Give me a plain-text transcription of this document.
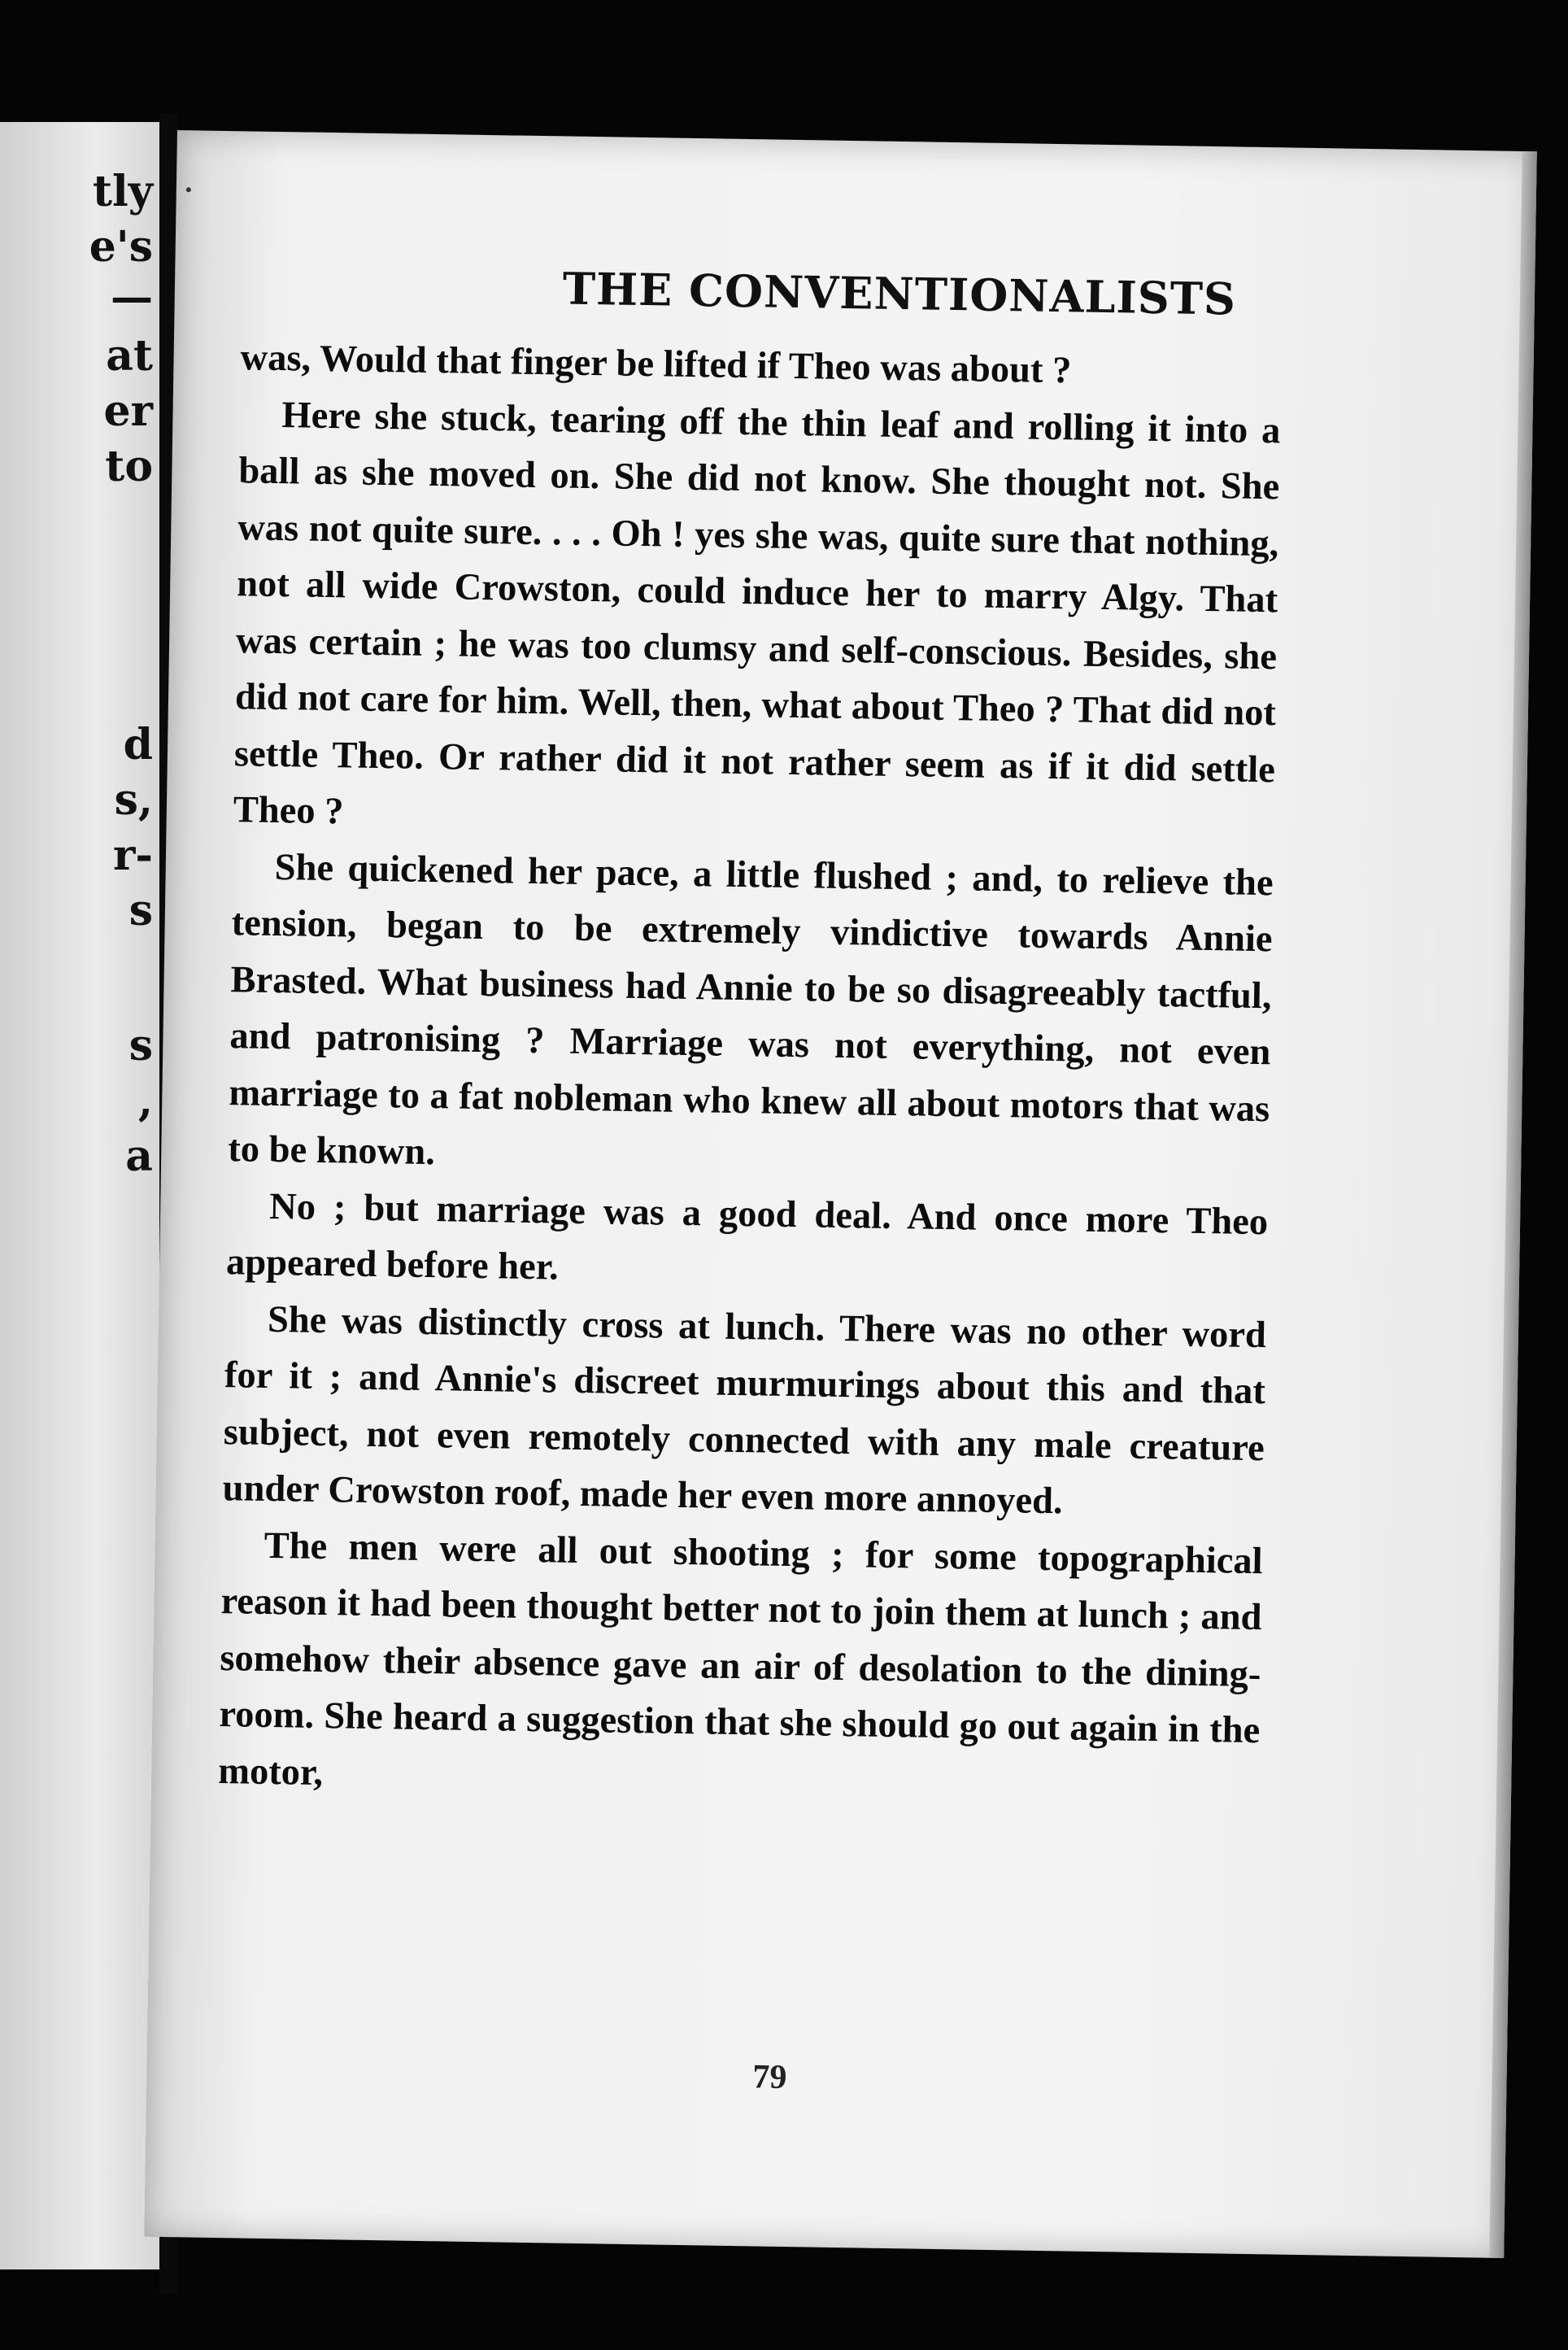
tly
e's
—
at
er
to
d
s,
r-
s
s
,
a
THE CONVENTIONALISTS

was, Would that finger be lifted if Theo was about ?

Here she stuck, tearing off the thin leaf and rolling it into a ball as she moved on. She did not know. She thought not. She was not quite sure. . . . Oh ! yes she was, quite sure that nothing, not all wide Crowston, could induce her to marry Algy. That was certain ; he was too clumsy and self-conscious. Besides, she did not care for him. Well, then, what about Theo ? That did not settle Theo. Or rather did it not rather seem as if it did settle Theo ?

She quickened her pace, a little flushed ; and, to relieve the tension, began to be extremely vindictive towards Annie Brasted. What business had Annie to be so disagreeably tactful, and patronising ? Marriage was not everything, not even marriage to a fat nobleman who knew all about motors that was to be known.

No ; but marriage was a good deal. And once more Theo appeared before her.

She was distinctly cross at lunch. There was no other word for it ; and Annie's discreet murmurings about this and that subject, not even remotely connected with any male creature under Crowston roof, made her even more annoyed.

The men were all out shooting ; for some topographical reason it had been thought better not to join them at lunch ; and somehow their absence gave an air of desolation to the dining-room. She heard a suggestion that she should go out again in the motor,

79
